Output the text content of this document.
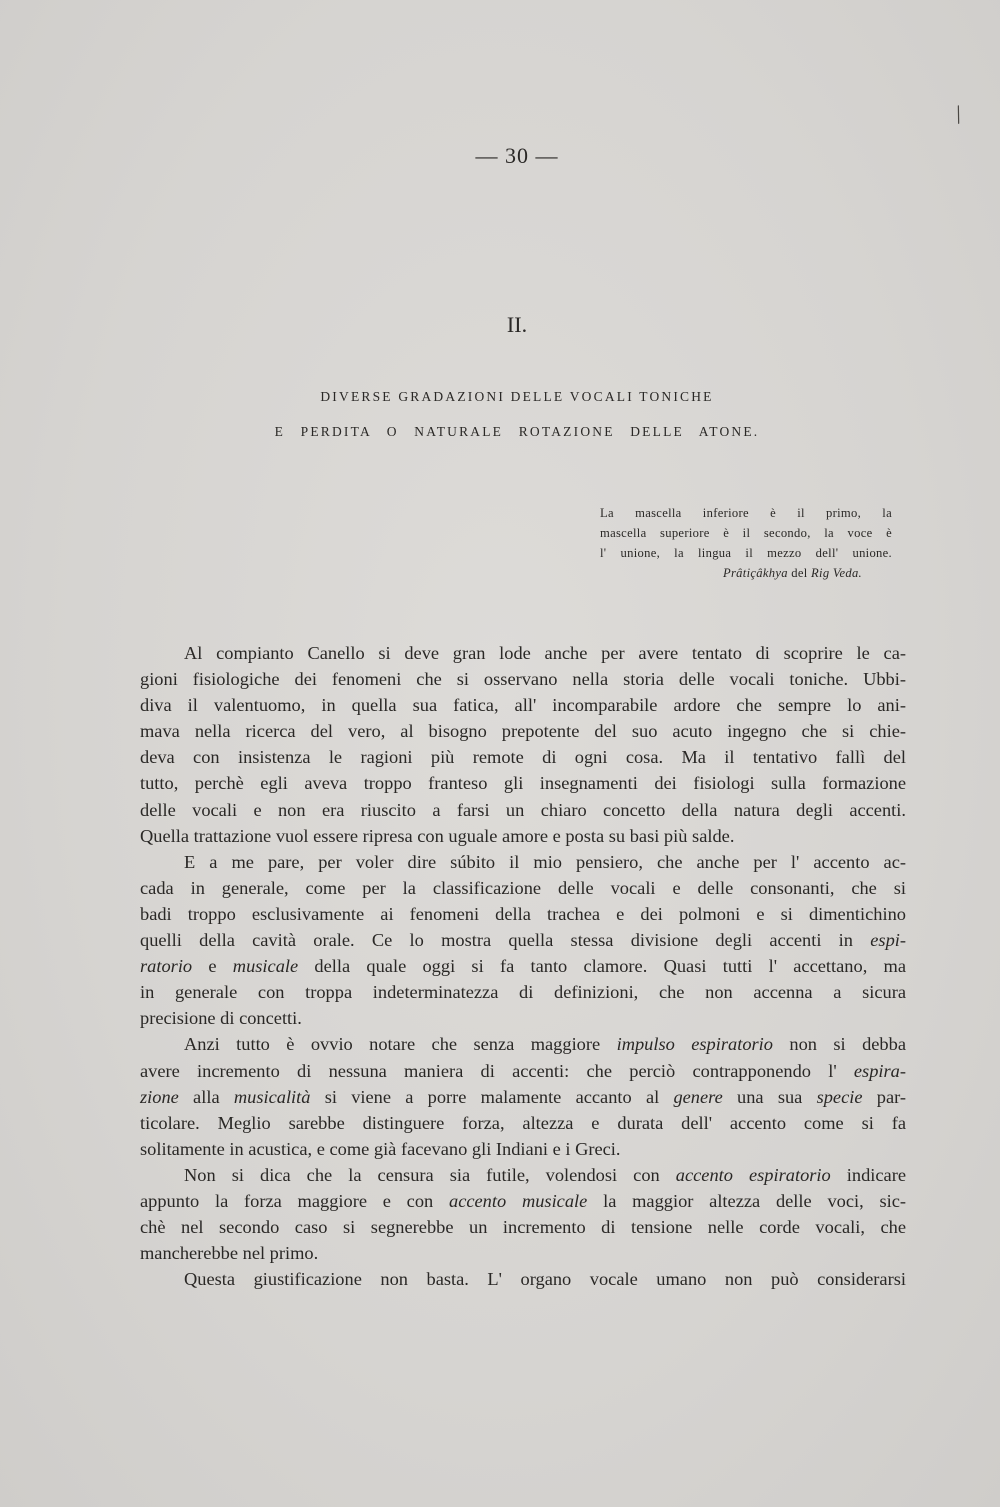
/
— 30 —
II.
DIVERSE GRADAZIONI DELLE VOCALI TONICHE
E PERDITA O NATURALE ROTAZIONE DELLE ATONE.
La mascella inferiore è il primo, la
mascella superiore è il secondo, la voce è
l' unione, la lingua il mezzo dell' unione.
Prâtiçâkhya del Rig Veda.
Al compianto Canello si deve gran lode anche per avere tentato di scoprire le ca-
gioni fisiologiche dei fenomeni che si osservano nella storia delle vocali toniche. Ubbi-
diva il valentuomo, in quella sua fatica, all' incomparabile ardore che sempre lo ani-
mava nella ricerca del vero, al bisogno prepotente del suo acuto ingegno che si chie-
deva con insistenza le ragioni più remote di ogni cosa. Ma il tentativo fallì del
tutto, perchè egli aveva troppo franteso gli insegnamenti dei fisiologi sulla formazione
delle vocali e non era riuscito a farsi un chiaro concetto della natura degli accenti.
Quella trattazione vuol essere ripresa con uguale amore e posta su basi più salde.
E a me pare, per voler dire súbito il mio pensiero, che anche per l' accento ac-
cada in generale, come per la classificazione delle vocali e delle consonanti, che si
badi troppo esclusivamente ai fenomeni della trachea e dei polmoni e si dimentichino
quelli della cavità orale. Ce lo mostra quella stessa divisione degli accenti in espi-
ratorio e musicale della quale oggi si fa tanto clamore. Quasi tutti l' accettano, ma
in generale con troppa indeterminatezza di definizioni, che non accenna a sicura
precisione di concetti.
Anzi tutto è ovvio notare che senza maggiore impulso espiratorio non si debba
avere incremento di nessuna maniera di accenti: che perciò contrapponendo l' espira-
zione alla musicalità si viene a porre malamente accanto al genere una sua specie par-
ticolare. Meglio sarebbe distinguere forza, altezza e durata dell' accento come si fa
solitamente in acustica, e come già facevano gli Indiani e i Greci.
Non si dica che la censura sia futile, volendosi con accento espiratorio indicare
appunto la forza maggiore e con accento musicale la maggior altezza delle voci, sic-
chè nel secondo caso si segnerebbe un incremento di tensione nelle corde vocali, che
mancherebbe nel primo.
Questa giustificazione non basta. L' organo vocale umano non può considerarsi
